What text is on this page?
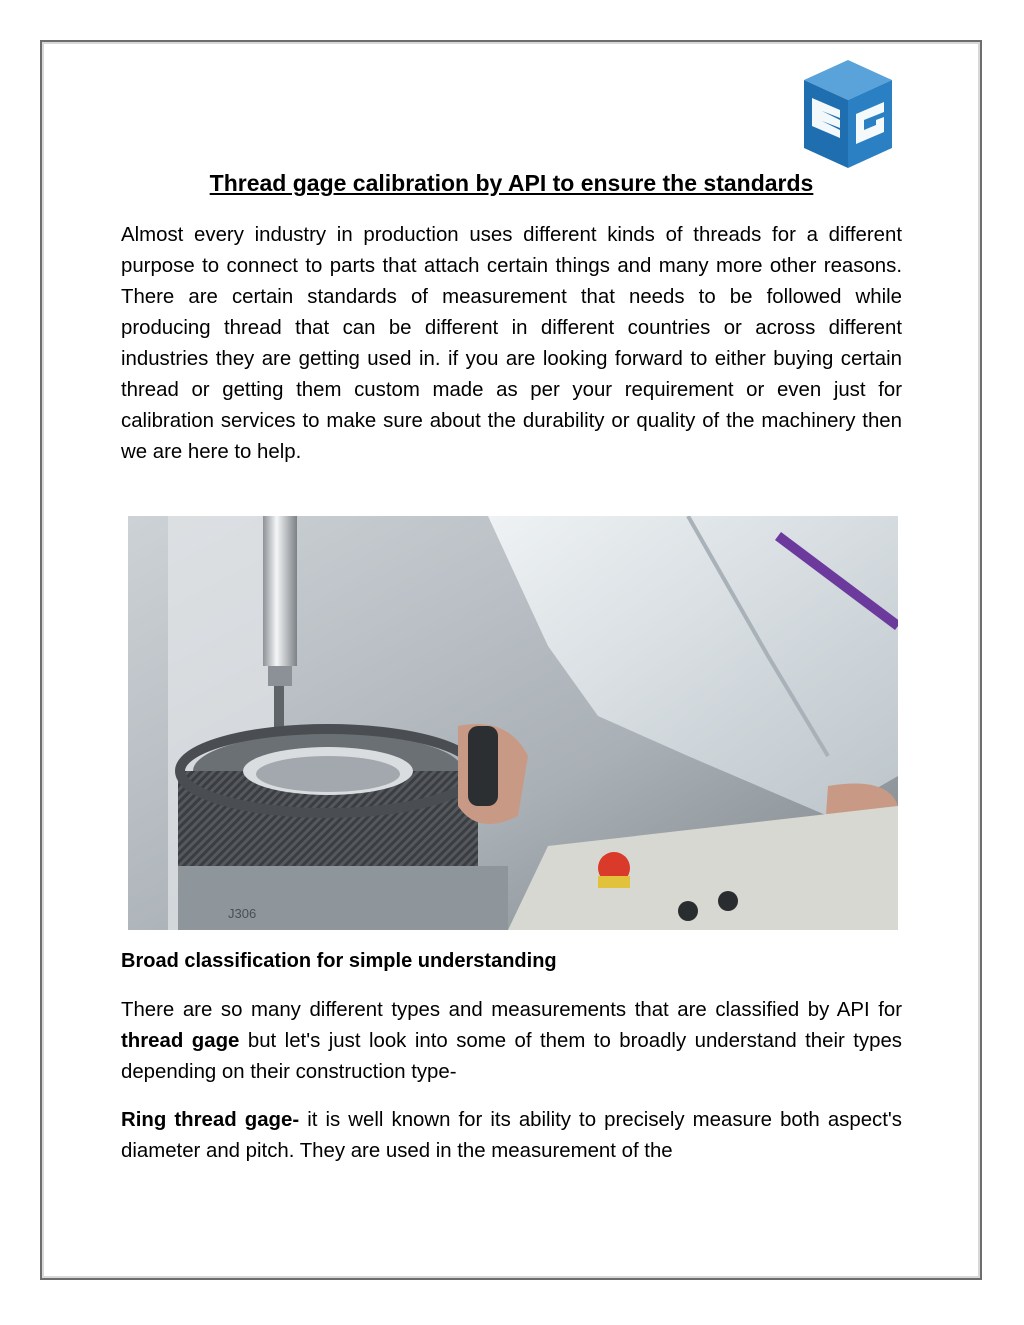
Thread gage calibration by API to ensure the standards

Almost every industry in production uses different kinds of threads for a different purpose to connect to parts that attach certain things and many more other reasons. There are certain standards of measurement that needs to be followed while producing thread that can be different in different countries or across different industries they are getting used in. if you are looking forward to either buying certain thread or getting them custom made as per your requirement or even just for calibration services to make sure about the durability or quality of the machinery then we are here to help.

J306
Broad classification for simple understanding

There are so many different types and measurements that are classified by API for thread gage but let's just look into some of them to broadly understand their types depending on their construction type-

Ring thread gage- it is well known for its ability to precisely measure both aspect's diameter and pitch. They are used in the measurement of the
